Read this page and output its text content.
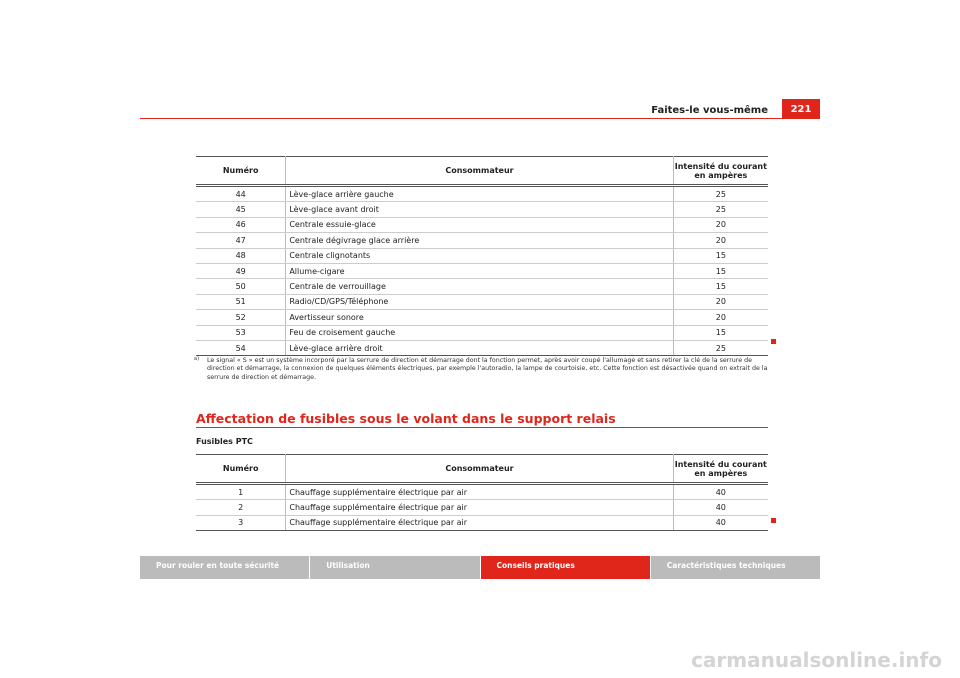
Faites-le vous-même	221
Numéro	Consommateur	Intensité du courant en ampères
44	Lève-glace arrière gauche	25
45	Lève-glace avant droit	25
46	Centrale essuie-glace	20
47	Centrale dégivrage glace arrière	20
48	Centrale clignotants	15
49	Allume-cigare	15
50	Centrale de verrouillage	15
51	Radio/CD/GPS/Téléphone	20
52	Avertisseur sonore	20
53	Feu de croisement gauche	15
54	Lève-glace arrière droit	25
a)	Le signal « S » est un système incorporé par la serrure de direction et démarrage dont la fonction permet, après avoir coupé l'allumage et sans retirer la clé de la serrure de direction et démarrage, la connexion de quelques éléments électriques, par exemple l'autoradio, la lampe de courtoisie, etc. Cette fonction est désactivée quand on extrait de la serrure de direction et démarrage.
Affectation de fusibles sous le volant dans le support relais
Fusibles PTC
Numéro	Consommateur	Intensité du courant en ampères
1	Chauffage supplémentaire électrique par air	40
2	Chauffage supplémentaire électrique par air	40
3	Chauffage supplémentaire électrique par air	40
Pour rouler en toute sécurité	Utilisation	Conseils pratiques	Caractéristiques techniques
carmanualsonline.info
